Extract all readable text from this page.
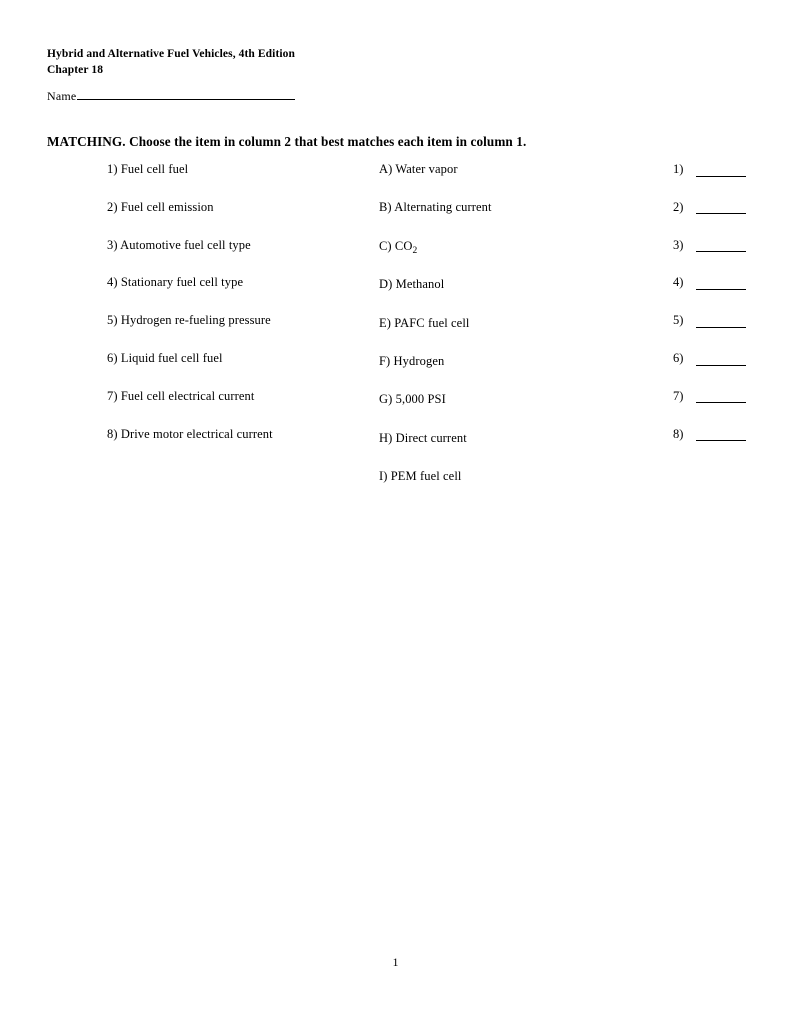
Hybrid and Alternative Fuel Vehicles, 4th Edition
Chapter 18
Name
MATCHING. Choose the item in column 2 that best matches each item in column 1.
1) Fuel cell fuel
2) Fuel cell emission
3) Automotive fuel cell type
4) Stationary fuel cell type
5) Hydrogen re-fueling pressure
6) Liquid fuel cell fuel
7) Fuel cell electrical current
8) Drive motor electrical current
A) Water vapor
B) Alternating current
C) $CO_2$
D) Methanol
E) PAFC fuel cell
F) Hydrogen
G) 5,000 PSI
H) Direct current
I) PEM fuel cell
1)
2)
3)
4)
5)
6)
7)
8)
1
